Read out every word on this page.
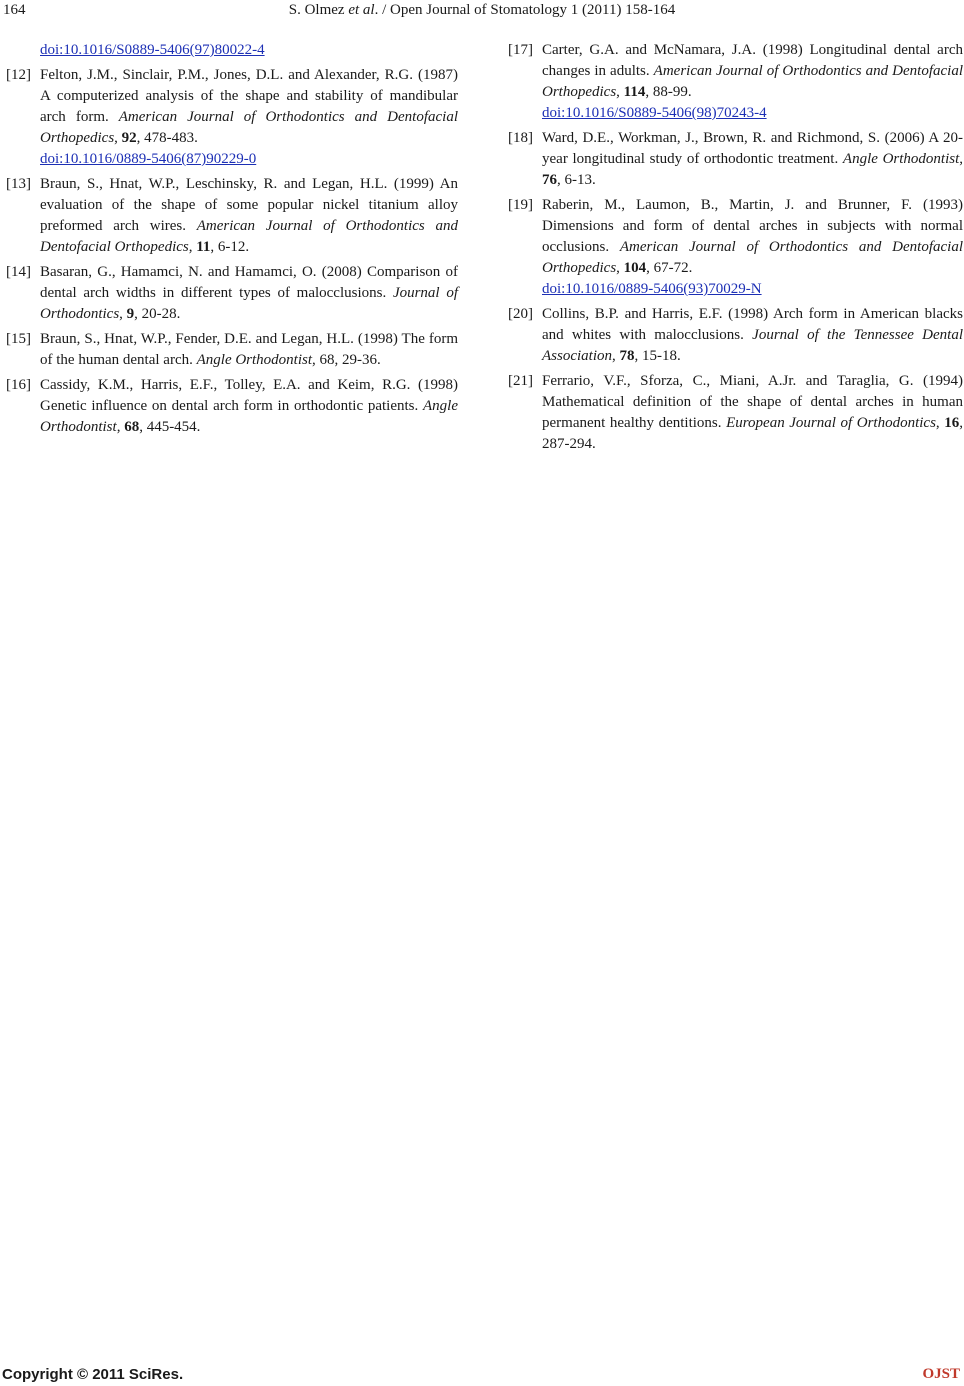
164	S. Olmez et al. / Open Journal of Stomatology 1 (2011) 158-164
doi:10.1016/S0889-5406(97)80022-4
[12] Felton, J.M., Sinclair, P.M., Jones, D.L. and Alexander, R.G. (1987) A computerized analysis of the shape and stability of mandibular arch form. American Journal of Orthodontics and Dentofacial Orthopedics, 92, 478-483.
doi:10.1016/0889-5406(87)90229-0
[13] Braun, S., Hnat, W.P., Leschinsky, R. and Legan, H.L. (1999) An evaluation of the shape of some popular nickel titanium alloy preformed arch wires. American Journal of Orthodontics and Dentofacial Orthopedics, 11, 6-12.
[14] Basaran, G., Hamamci, N. and Hamamci, O. (2008) Comparison of dental arch widths in different types of malocclusions. Journal of Orthodontics, 9, 20-28.
[15] Braun, S., Hnat, W.P., Fender, D.E. and Legan, H.L. (1998) The form of the human dental arch. Angle Orthodontist, 68, 29-36.
[16] Cassidy, K.M., Harris, E.F., Tolley, E.A. and Keim, R.G. (1998) Genetic influence on dental arch form in orthodontic patients. Angle Orthodontist, 68, 445-454.
[17] Carter, G.A. and McNamara, J.A. (1998) Longitudinal dental arch changes in adults. American Journal of Orthodontics and Dentofacial Orthopedics, 114, 88-99.
doi:10.1016/S0889-5406(98)70243-4
[18] Ward, D.E., Workman, J., Brown, R. and Richmond, S. (2006) A 20-year longitudinal study of orthodontic treatment. Angle Orthodontist, 76, 6-13.
[19] Raberin, M., Laumon, B., Martin, J. and Brunner, F. (1993) Dimensions and form of dental arches in subjects with normal occlusions. American Journal of Orthodontics and Dentofacial Orthopedics, 104, 67-72.
doi:10.1016/0889-5406(93)70029-N
[20] Collins, B.P. and Harris, E.F. (1998) Arch form in American blacks and whites with malocclusions. Journal of the Tennessee Dental Association, 78, 15-18.
[21] Ferrario, V.F., Sforza, C., Miani, A.Jr. and Taraglia, G. (1994) Mathematical definition of the shape of dental arches in human permanent healthy dentitions. European Journal of Orthodontics, 16, 287-294.
Copyright © 2011 SciRes.	OJST
